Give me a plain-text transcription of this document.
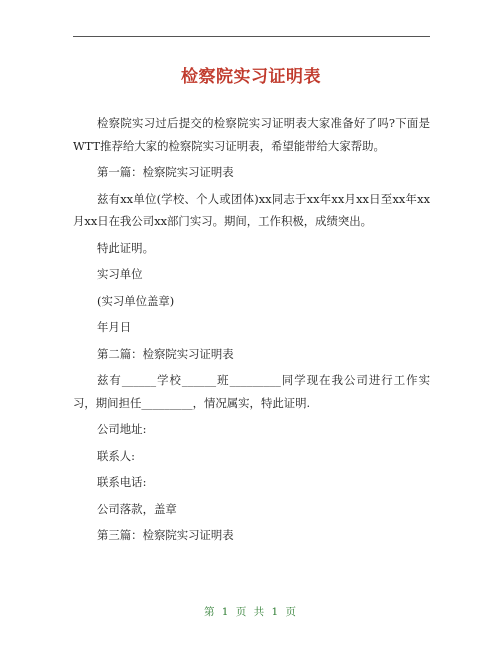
检察院实习证明表

检察院实习过后提交的检察院实习证明表大家准备好了吗?下面是WTT推荐给大家的检察院实习证明表，希望能带给大家帮助。

第一篇：检察院实习证明表

兹有xx单位(学校、个人或团体)xx同志于xx年xx月xx日至xx年xx月xx日在我公司xx部门实习。期间，工作积极，成绩突出。

特此证明。

实习单位

(实习单位盖章)

年月日

第二篇：检察院实习证明表

兹有______学校______班_________同学现在我公司进行工作实习，期间担任_________，情况属实，特此证明.

公司地址:

联系人:

联系电话:

公司落款，盖章

第三篇：检察院实习证明表

第 1 页 共 1 页
